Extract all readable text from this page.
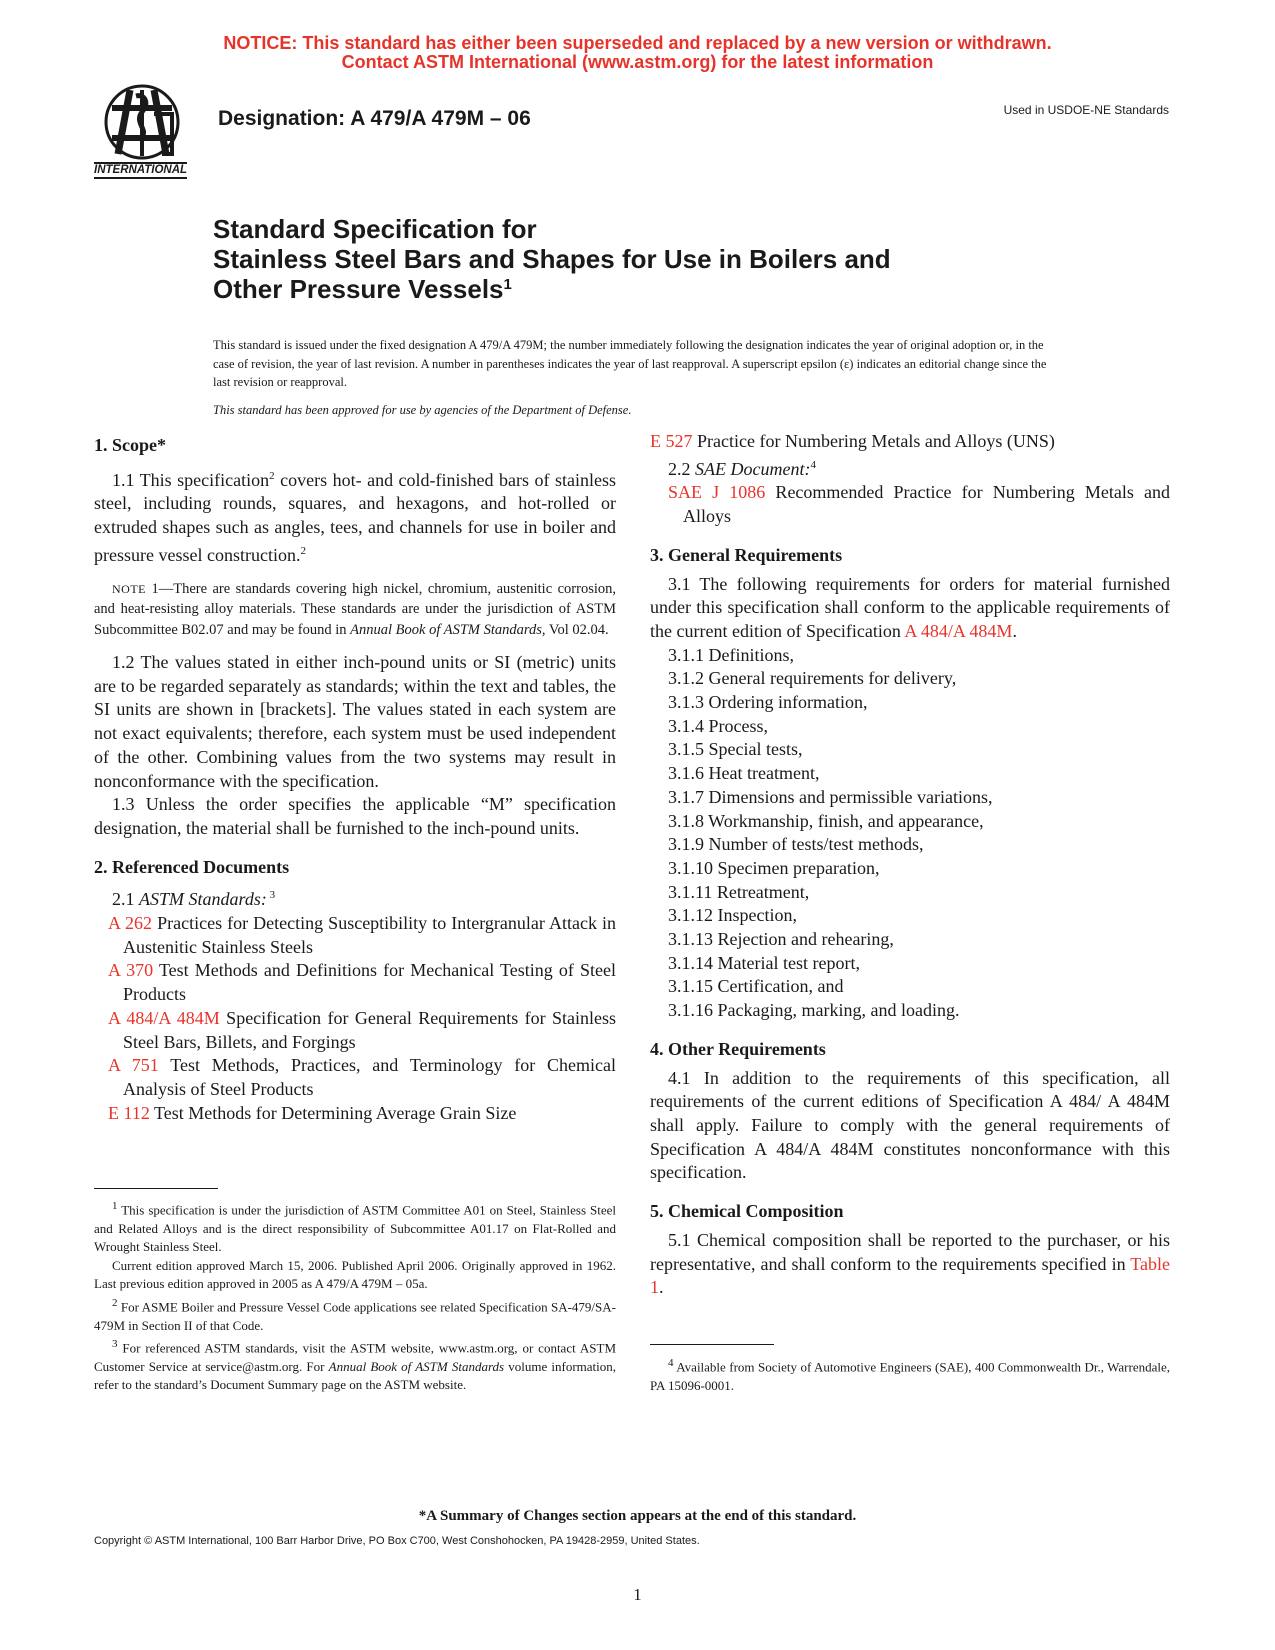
NOTICE: This standard has either been superseded and replaced by a new version or withdrawn.
Contact ASTM International (www.astm.org) for the latest information
INTERNATIONAL
Designation: A 479/A 479M – 06	Used in USDOE-NE Standards
Standard Specification for
Stainless Steel Bars and Shapes for Use in Boilers and
Other Pressure Vessels$^1$
This standard is issued under the fixed designation A 479/A 479M; the number immediately following the designation indicates the year of original adoption or, in the case of revision, the year of last revision. A number in parentheses indicates the year of last reapproval. A superscript epsilon (ε) indicates an editorial change since the last revision or reapproval.
This standard has been approved for use by agencies of the Department of Defense.
1. Scope*

1.1 This specification$^2$ covers hot- and cold-finished bars of stainless steel, including rounds, squares, and hexagons, and hot-rolled or extruded shapes such as angles, tees, and channels for use in boiler and pressure vessel construction.$^2$

NOTE 1—There are standards covering high nickel, chromium, austenitic corrosion, and heat-resisting alloy materials. These standards are under the jurisdiction of ASTM Subcommittee B02.07 and may be found in Annual Book of ASTM Standards, Vol 02.04.

1.2 The values stated in either inch-pound units or SI (metric) units are to be regarded separately as standards; within the text and tables, the SI units are shown in [brackets]. The values stated in each system are not exact equivalents; therefore, each system must be used independent of the other. Combining values from the two systems may result in nonconformance with the specification.

1.3 Unless the order specifies the applicable “M” specification designation, the material shall be furnished to the inch-pound units.

2. Referenced Documents

2.1 ASTM Standards: $^3$

A 262 Practices for Detecting Susceptibility to Intergranular Attack in Austenitic Stainless Steels

A 370 Test Methods and Definitions for Mechanical Testing of Steel Products

A 484/A 484M Specification for General Requirements for Stainless Steel Bars, Billets, and Forgings

A 751 Test Methods, Practices, and Terminology for Chemical Analysis of Steel Products

E 112 Test Methods for Determining Average Grain Size

$^1$ This specification is under the jurisdiction of ASTM Committee A01 on Steel, Stainless Steel and Related Alloys and is the direct responsibility of Subcommittee A01.17 on Flat-Rolled and Wrought Stainless Steel.

Current edition approved March 15, 2006. Published April 2006. Originally approved in 1962. Last previous edition approved in 2005 as A 479/A 479M – 05a.

$^2$ For ASME Boiler and Pressure Vessel Code applications see related Specification SA-479/SA-479M in Section II of that Code.

$^3$ For referenced ASTM standards, visit the ASTM website, www.astm.org, or contact ASTM Customer Service at service@astm.org. For Annual Book of ASTM Standards volume information, refer to the standard’s Document Summary page on the ASTM website.

E 527 Practice for Numbering Metals and Alloys (UNS)

2.2 SAE Document:$^4$

SAE J 1086 Recommended Practice for Numbering Metals and Alloys

3. General Requirements

3.1 The following requirements for orders for material furnished under this specification shall conform to the applicable requirements of the current edition of Specification A 484/A 484M.

3.1.1 Definitions,
3.1.2 General requirements for delivery,
3.1.3 Ordering information,
3.1.4 Process,
3.1.5 Special tests,
3.1.6 Heat treatment,
3.1.7 Dimensions and permissible variations,
3.1.8 Workmanship, finish, and appearance,
3.1.9 Number of tests/test methods,
3.1.10 Specimen preparation,
3.1.11 Retreatment,
3.1.12 Inspection,
3.1.13 Rejection and rehearing,
3.1.14 Material test report,
3.1.15 Certification, and
3.1.16 Packaging, marking, and loading.
4. Other Requirements

4.1 In addition to the requirements of this specification, all requirements of the current editions of Specification A 484/ A 484M shall apply. Failure to comply with the general requirements of Specification A 484/A 484M constitutes nonconformance with this specification.

5. Chemical Composition

5.1 Chemical composition shall be reported to the purchaser, or his representative, and shall conform to the requirements specified in Table 1.

$^4$ Available from Society of Automotive Engineers (SAE), 400 Commonwealth Dr., Warrendale, PA 15096-0001.

*A Summary of Changes section appears at the end of this standard.
Copyright © ASTM International, 100 Barr Harbor Drive, PO Box C700, West Conshohocken, PA 19428-2959, United States.
1
